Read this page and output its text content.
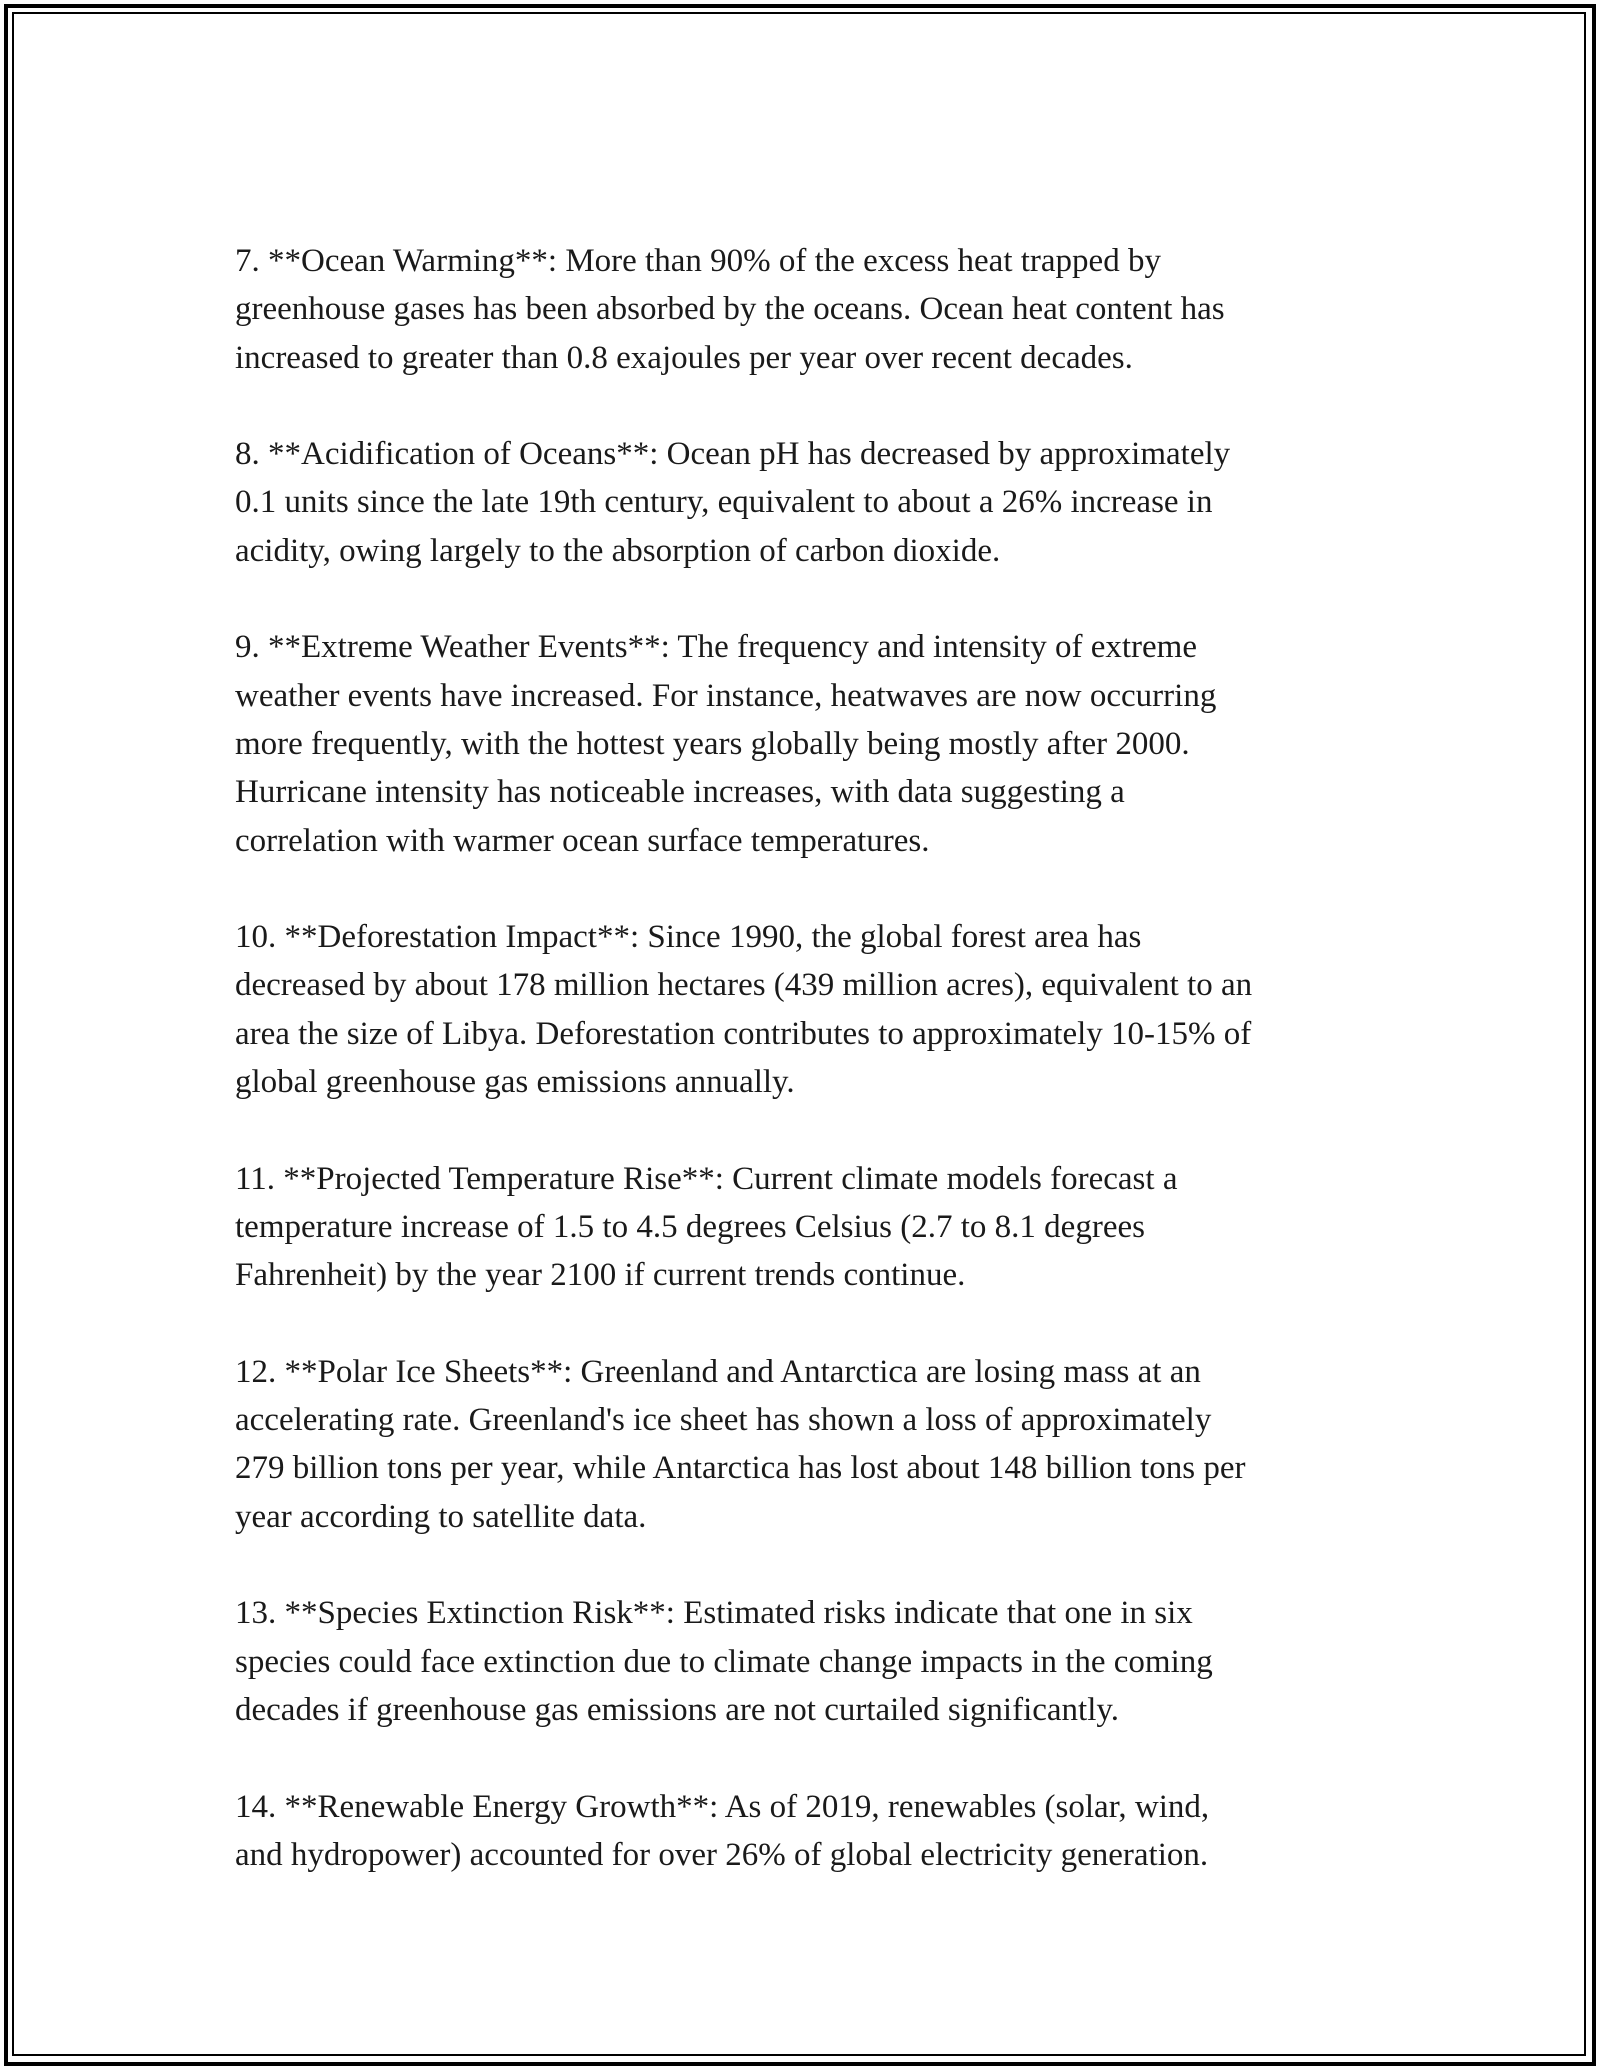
7. **Ocean Warming**: More than 90% of the excess heat trapped by
greenhouse gases has been absorbed by the oceans. Ocean heat content has
increased to greater than 0.8 exajoules per year over recent decades.

8. **Acidification of Oceans**: Ocean pH has decreased by approximately
0.1 units since the late 19th century, equivalent to about a 26% increase in
acidity, owing largely to the absorption of carbon dioxide.

9. **Extreme Weather Events**: The frequency and intensity of extreme
weather events have increased. For instance, heatwaves are now occurring
more frequently, with the hottest years globally being mostly after 2000.
Hurricane intensity has noticeable increases, with data suggesting a
correlation with warmer ocean surface temperatures.

10. **Deforestation Impact**: Since 1990, the global forest area has
decreased by about 178 million hectares (439 million acres), equivalent to an
area the size of Libya. Deforestation contributes to approximately 10-15% of
global greenhouse gas emissions annually.

11. **Projected Temperature Rise**: Current climate models forecast a
temperature increase of 1.5 to 4.5 degrees Celsius (2.7 to 8.1 degrees
Fahrenheit) by the year 2100 if current trends continue.

12. **Polar Ice Sheets**: Greenland and Antarctica are losing mass at an
accelerating rate. Greenland's ice sheet has shown a loss of approximately
279 billion tons per year, while Antarctica has lost about 148 billion tons per
year according to satellite data.

13. **Species Extinction Risk**: Estimated risks indicate that one in six
species could face extinction due to climate change impacts in the coming
decades if greenhouse gas emissions are not curtailed significantly.

14. **Renewable Energy Growth**: As of 2019, renewables (solar, wind,
and hydropower) accounted for over 26% of global electricity generation.
